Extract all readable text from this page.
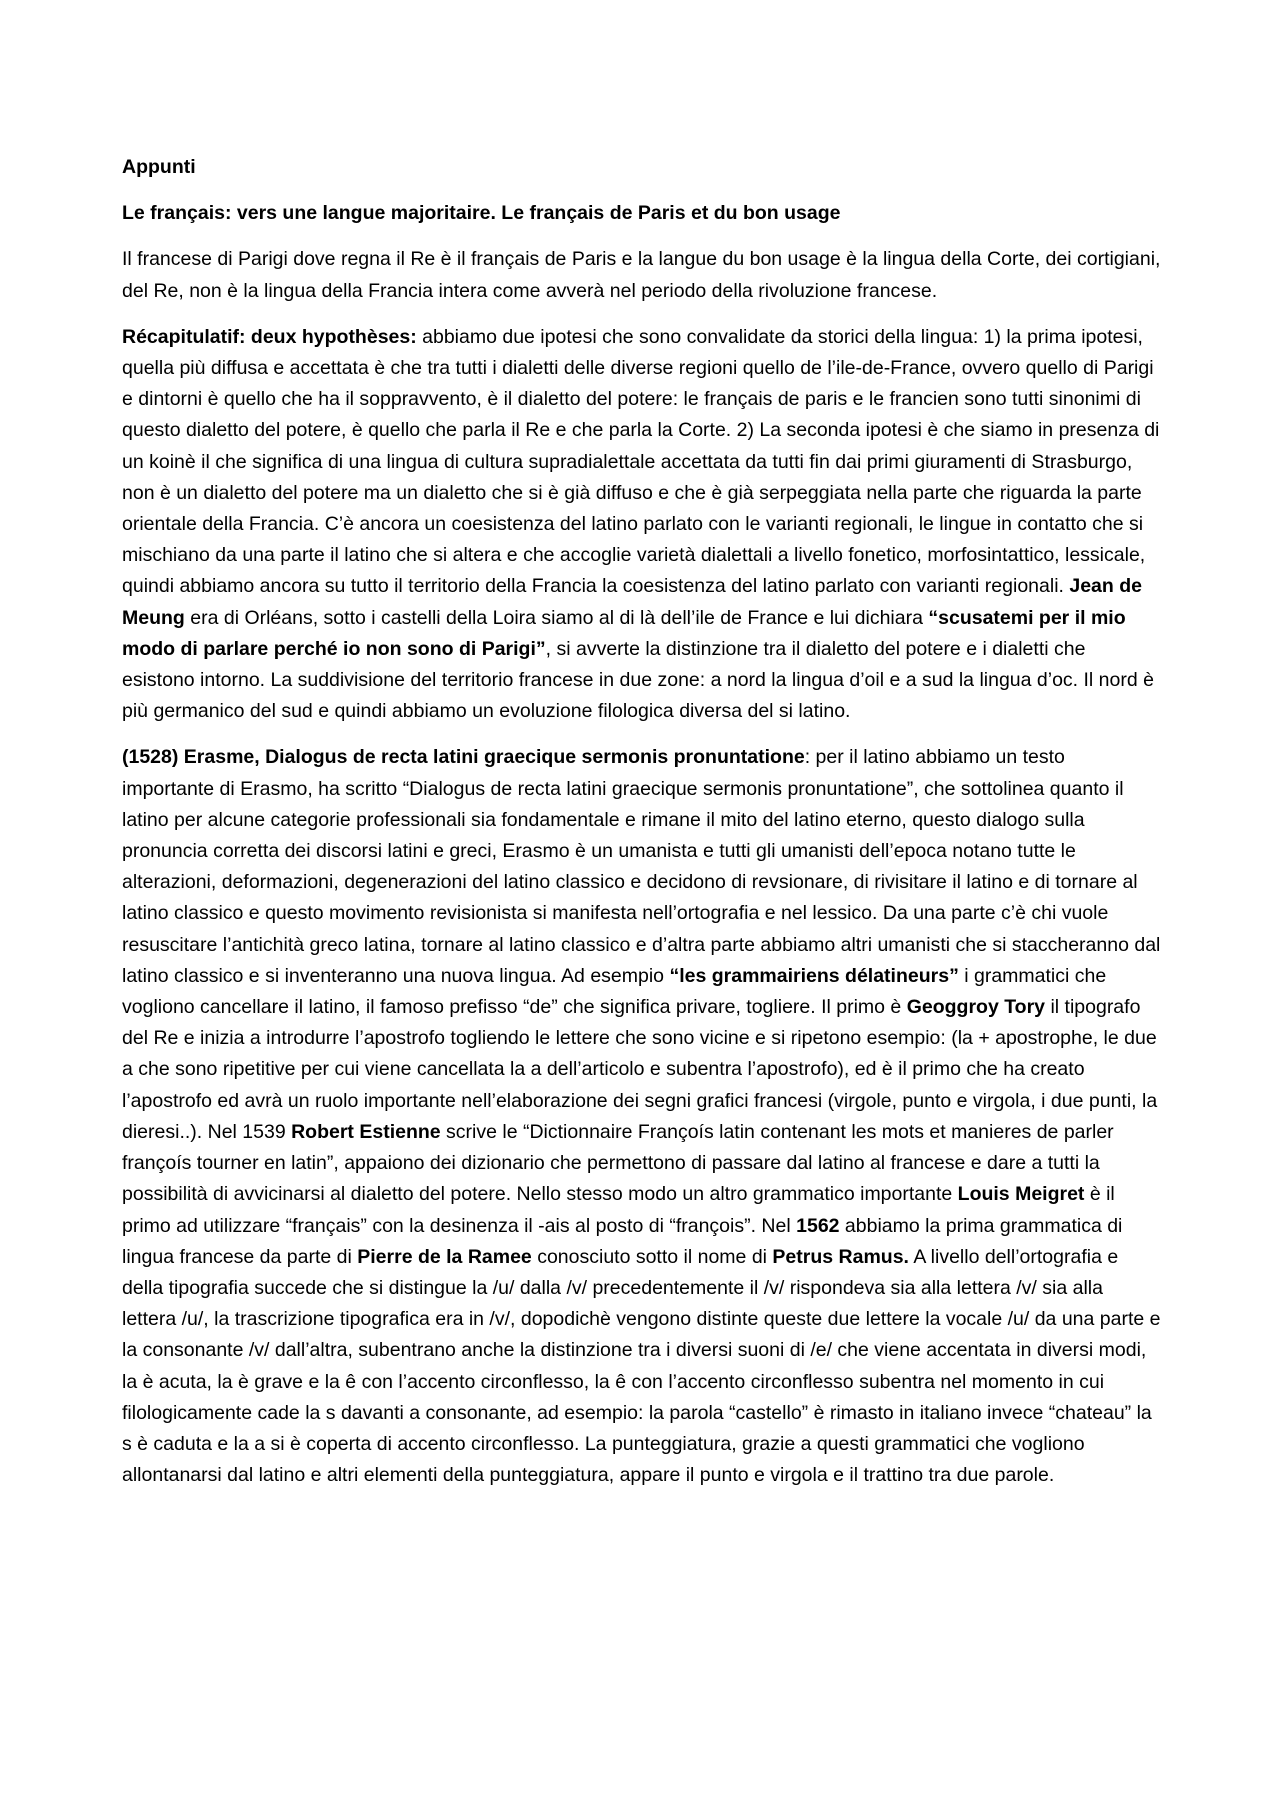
Appunti

Le français: vers une langue majoritaire. Le français de Paris et du bon usage

Il francese di Parigi dove regna il Re è il français de Paris e la langue du bon usage è la lingua della Corte, dei cortigiani, del Re, non è la lingua della Francia intera come avverà nel periodo della rivoluzione francese.

Récapitulatif: deux hypothèses: abbiamo due ipotesi che sono convalidate da storici della lingua: 1) la prima ipotesi, quella più diffusa e accettata è che tra tutti i dialetti delle diverse regioni quello de l’ile-de-France, ovvero quello di Parigi e dintorni è quello che ha il soppravvento, è il dialetto del potere: le français de paris e le francien sono tutti sinonimi di questo dialetto del potere, è quello che parla il Re e che parla la Corte. 2) La seconda ipotesi è che siamo in presenza di un koinè il che significa di una lingua di cultura supradialettale accettata da tutti fin dai primi giuramenti di Strasburgo, non è un dialetto del potere ma un dialetto che si è già diffuso e che è già serpeggiata nella parte che riguarda la parte orientale della Francia. C’è ancora un coesistenza del latino parlato con le varianti regionali, le lingue in contatto che si mischiano da una parte il latino che si altera e che accoglie varietà dialettali a livello fonetico, morfosintattico, lessicale, quindi abbiamo ancora su tutto il territorio della Francia la coesistenza del latino parlato con varianti regionali. Jean de Meung era di Orléans, sotto i castelli della Loira siamo al di là dell’ile de France e lui dichiara “scusatemi per il mio modo di parlare perché io non sono di Parigi”, si avverte la distinzione tra il dialetto del potere e i dialetti che esistono intorno. La suddivisione del territorio francese in due zone: a nord la lingua d’oil e a sud la lingua d’oc. Il nord è più germanico del sud e quindi abbiamo un evoluzione filologica diversa del si latino.

(1528) Erasme, Dialogus de recta latini graecique sermonis pronuntatione: per il latino abbiamo un testo importante di Erasmo, ha scritto “Dialogus de recta latini graecique sermonis pronuntatione”, che sottolinea quanto il latino per alcune categorie professionali sia fondamentale e rimane il mito del latino eterno, questo dialogo sulla pronuncia corretta dei discorsi latini e greci, Erasmo è un umanista e tutti gli umanisti dell’epoca notano tutte le alterazioni, deformazioni, degenerazioni del latino classico e decidono di revsionare, di rivisitare il latino e di tornare al latino classico e questo movimento revisionista si manifesta nell’ortografia e nel lessico. Da una parte c’è chi vuole resuscitare l’antichità greco latina, tornare al latino classico e d’altra parte abbiamo altri umanisti che si staccheranno dal latino classico e si inventeranno una nuova lingua. Ad esempio “les grammairiens délatineurs” i grammatici che vogliono cancellare il latino, il famoso prefisso “de” che significa privare, togliere. Il primo è Geoggroy Tory il tipografo del Re e inizia a introdurre l’apostrofo togliendo le lettere che sono vicine e si ripetono esempio: (la + apostrophe, le due a che sono ripetitive per cui viene cancellata la a dell’articolo e subentra l’apostrofo), ed è il primo che ha creato l’apostrofo ed avrà un ruolo importante nell’elaborazione dei segni grafici francesi (virgole, punto e virgola, i due punti, la dieresi..). Nel 1539 Robert Estienne scrive le “Dictionnaire Françoís latin contenant les mots et manieres de parler françoís tourner en latin”, appaiono dei dizionario che permettono di passare dal latino al francese e dare a tutti la possibilità di avvicinarsi al dialetto del potere. Nello stesso modo un altro grammatico importante Louis Meigret è il primo ad utilizzare “français” con la desinenza il -ais al posto di “françois”. Nel 1562 abbiamo la prima grammatica di lingua francese da parte di Pierre de la Ramee conosciuto sotto il nome di Petrus Ramus. A livello dell’ortografia e della tipografia succede che si distingue la /u/ dalla /v/ precedentemente il /v/ rispondeva sia alla lettera /v/ sia alla lettera /u/, la trascrizione tipografica era in /v/, dopodichè vengono distinte queste due lettere la vocale /u/ da una parte e la consonante /v/ dall’altra, subentrano anche la distinzione tra i diversi suoni di /e/ che viene accentata in diversi modi, la è acuta, la è grave e la ê con l’accento circonflesso, la ê con l’accento circonflesso subentra nel momento in cui filologicamente cade la s davanti a consonante, ad esempio: la parola “castello” è rimasto in italiano invece “chateau” la s è caduta e la a si è coperta di accento circonflesso. La punteggiatura, grazie a questi grammatici che vogliono allontanarsi dal latino e altri elementi della punteggiatura, appare il punto e virgola e il trattino tra due parole.
